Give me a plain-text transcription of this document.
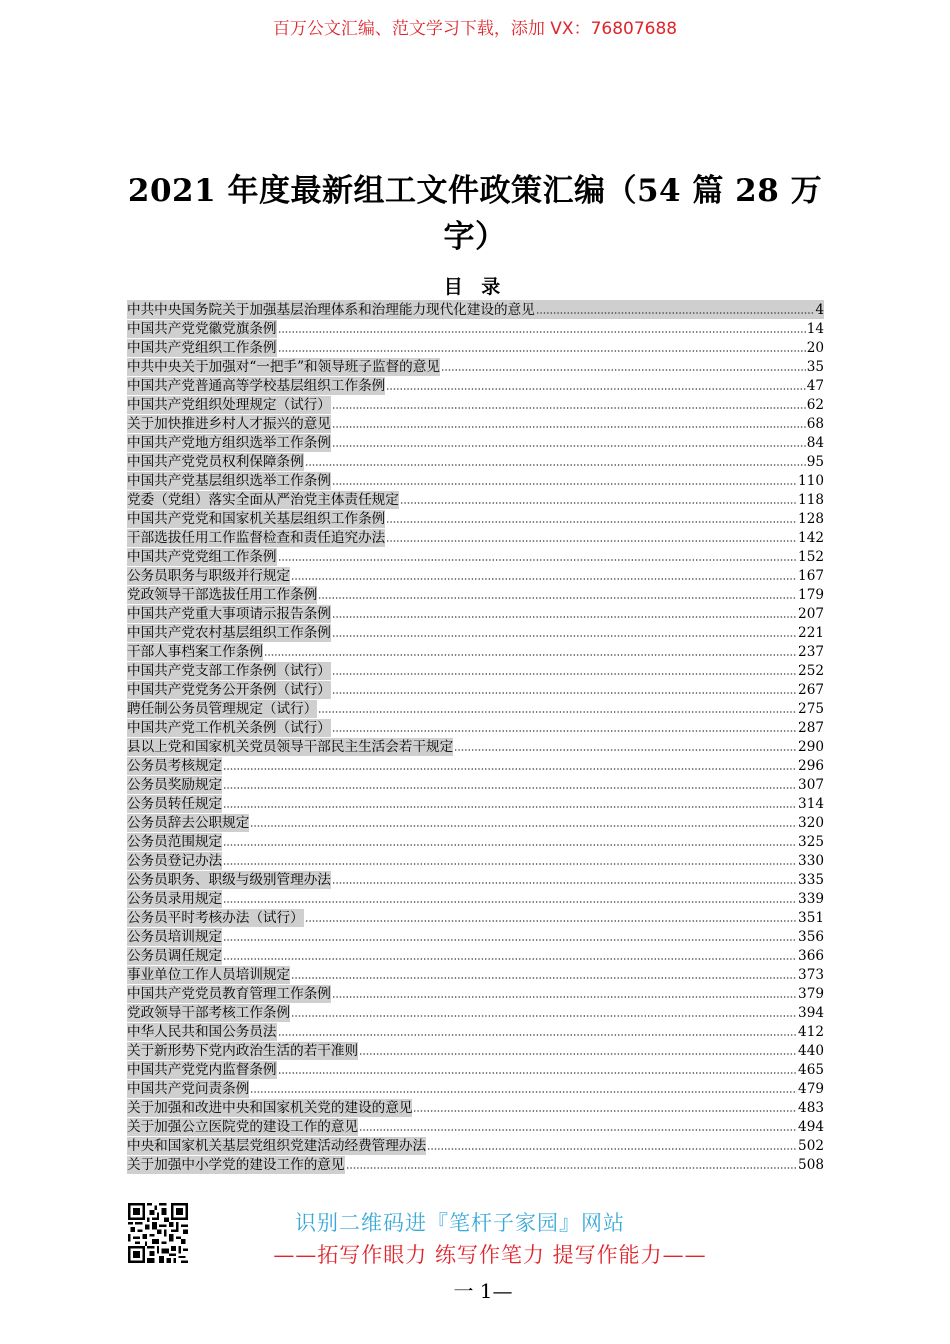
百万公文汇编、范文学习下载，添加 VX：76807688
2021 年度最新组工文件政策汇编（54 篇 28 万字）
目 录
中共中央国务院关于加强基层治理体系和治理能力现代化建设的意见	4
中国共产党党徽党旗条例	14
中国共产党组织工作条例	20
中共中央关于加强对“一把手”和领导班子监督的意见	35
中国共产党普通高等学校基层组织工作条例	47
中国共产党组织处理规定（试行）	62
关于加快推进乡村人才振兴的意见	68
中国共产党地方组织选举工作条例	84
中国共产党党员权利保障条例	95
中国共产党基层组织选举工作条例	110
党委（党组）落实全面从严治党主体责任规定	118
中国共产党党和国家机关基层组织工作条例	128
干部选拔任用工作监督检查和责任追究办法	142
中国共产党党组工作条例	152
公务员职务与职级并行规定	167
党政领导干部选拔任用工作条例	179
中国共产党重大事项请示报告条例	207
中国共产党农村基层组织工作条例	221
干部人事档案工作条例	237
中国共产党支部工作条例（试行）	252
中国共产党党务公开条例（试行）	267
聘任制公务员管理规定（试行）	275
中国共产党工作机关条例（试行）	287
县以上党和国家机关党员领导干部民主生活会若干规定	290
公务员考核规定	296
公务员奖励规定	307
公务员转任规定	314
公务员辞去公职规定	320
公务员范围规定	325
公务员登记办法	330
公务员职务、职级与级别管理办法	335
公务员录用规定	339
公务员平时考核办法（试行）	351
公务员培训规定	356
公务员调任规定	366
事业单位工作人员培训规定	373
中国共产党党员教育管理工作条例	379
党政领导干部考核工作条例	394
中华人民共和国公务员法	412
关于新形势下党内政治生活的若干准则	440
中国共产党党内监督条例	465
中国共产党问责条例	479
关于加强和改进中央和国家机关党的建设的意见	483
关于加强公立医院党的建设工作的意见	494
中央和国家机关基层党组织党建活动经费管理办法	502
关于加强中小学党的建设工作的意见	508
识别二维码进『笔杆子家园』网站
——拓写作眼力 练写作笔力 提写作能力——
一 1—
